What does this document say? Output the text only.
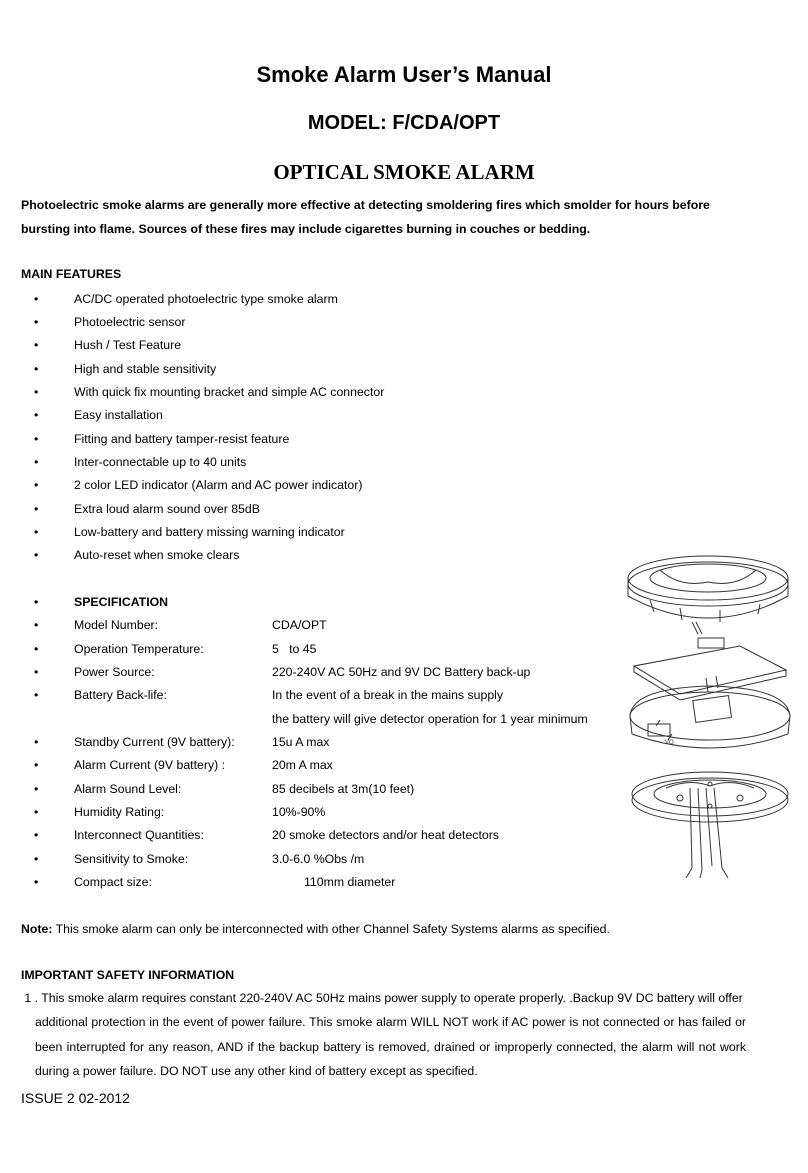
Smoke Alarm User’s Manual
MODEL: F/CDA/OPT
OPTICAL SMOKE ALARM
Photoelectric smoke alarms are generally more effective at detecting smoldering fires which smolder for hours before bursting into flame. Sources of these fires may include cigarettes burning in couches or bedding.
MAIN FEATURES
•	AC/DC operated photoelectric type smoke alarm
•	Photoelectric sensor
•	Hush / Test Feature
•	High and stable sensitivity
•	With quick fix mounting bracket and simple AC connector
•	Easy installation
•	Fitting and battery tamper-resist feature
•	Inter-connectable up to 40 units
•	2 color LED indicator (Alarm and AC power indicator)
•	Extra loud alarm sound over 85dB
•	Low-battery and battery missing warning indicator
•	Auto-reset when smoke clears
•	SPECIFICATION
•	Model Number:	CDA/OPT
•	Operation Temperature:	5   to 45
•	Power Source:	220-240V AC 50Hz and 9V DC Battery back-up
•	Battery Back-life:	In the event of a break in the mains supply
the battery will give detector operation for 1 year minimum
•	Standby Current (9V battery):	15u A max
•	Alarm Current (9V battery) :	20m A max
•	Alarm Sound Level:	85 decibels at 3m(10 feet)
•	Humidity Rating:	10%-90%
•	Interconnect Quantities:	20 smoke detectors and/or heat detectors
•	Sensitivity to Smoke:	3.0-6.0 %Obs /m
•	Compact size:	110mm diameter
VQ
Note: This smoke alarm can only be interconnected with other Channel Safety Systems alarms as specified.
IMPORTANT SAFETY INFORMATION
1 . This smoke alarm requires constant 220-240V AC 50Hz mains power supply to operate properly. .Backup 9V DC battery will offer
additional protection in the event of power failure. This smoke alarm WILL NOT work if AC power is not connected or has failed or been interrupted for any reason, AND if the backup battery is removed, drained or improperly connected, the alarm will not work during a power failure. DO NOT use any other kind of battery except as specified.
ISSUE 2 02-2012
